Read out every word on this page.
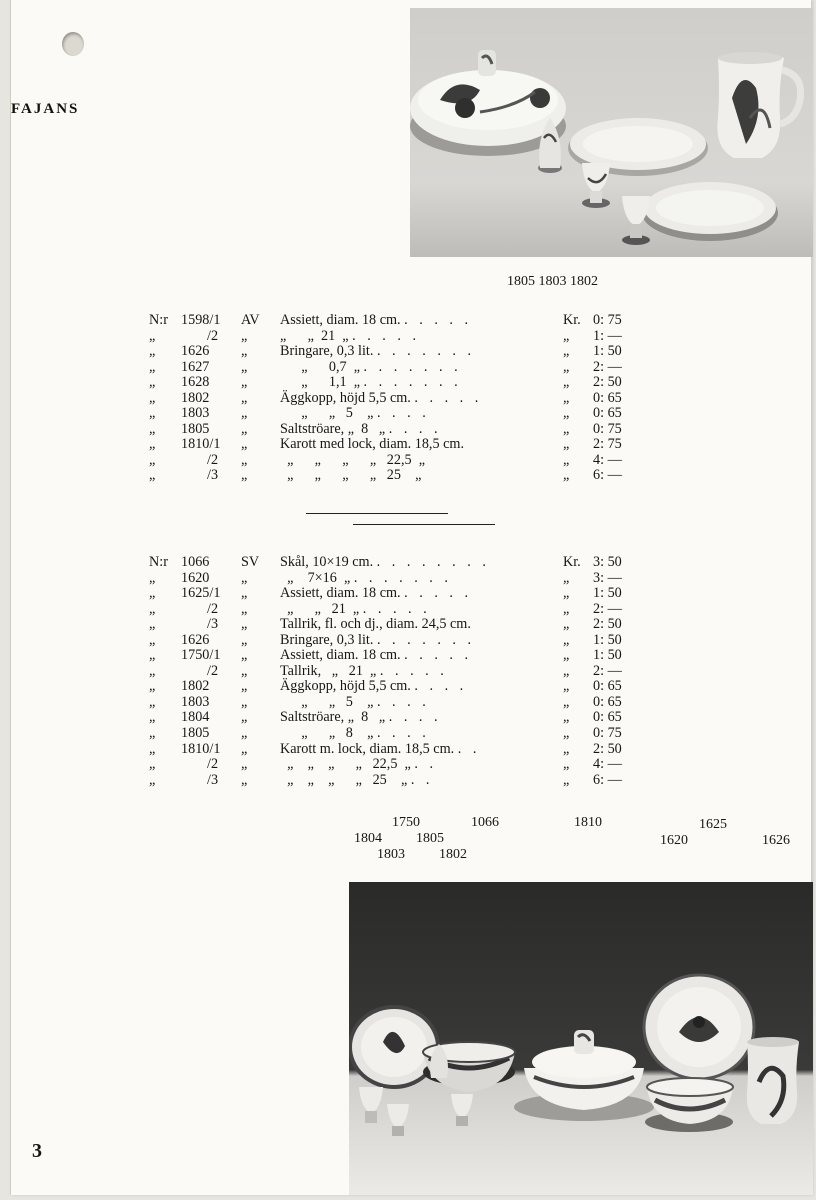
FAJANS
1805 1803 1802
N:r 1598/1 AV Assiett, diam. 18 cm. . . . . .	Kr. 0: 75
„	/2 „ „      „  21  „ . . . . .	„ 1: —
„ 1626 „ Bringare, 0,3 lit. . . . . . . .	„ 1: 50
„ 1627 „ „      0,7  „ . . . . . . .	„ 2: —
„ 1628 „ „      1,1  „ . . . . . . .	„ 2: 50
„ 1802 „ Äggkopp, höjd 5,5 cm. . . . . .	„ 0: 65
„ 1803 „ „      „   5    „ . . . .	„ 0: 65
„ 1805 „ Saltströare, „  8   „ . . . .	„ 0: 75
„ 1810/1 „ Karott med lock, diam. 18,5 cm.	„ 2: 75
„	/2 „ „      „      „      „   22,5  „	„ 4: —
„	/3 „ „      „      „      „   25    „	„ 6: —
N:r 1066 SV Skål, 10×19 cm. . . . . . . . .	Kr. 3: 50
„ 1620 „ „    7×16  „ . . . . . . .	„ 3: —
„ 1625/1 „ Assiett, diam. 18 cm. . . . . .	„ 1: 50
„	/2 „ „      „   21  „ . . . . .	„ 2: —
„	/3 „ Tallrik, fl. och dj., diam. 24,5 cm.	„ 2: 50
„ 1626 „ Bringare, 0,3 lit. . . . . . . .	„ 1: 50
„ 1750/1 „ Assiett, diam. 18 cm. . . . . .	„ 1: 50
„	/2 „ Tallrik,   „   21  „ . . . . .	„ 2: —
„ 1802 „ Äggkopp, höjd 5,5 cm. . . . .	„ 0: 65
„ 1803 „ „      „   5    „ . . . .	„ 0: 65
„ 1804 „ Saltströare, „  8   „ . . . .	„ 0: 65
„ 1805 „ „      „   8    „ . . . .	„ 0: 75
„ 1810/1 „ Karott m. lock, diam. 18,5 cm. . .	„ 2: 50
„	/2 „ „    „    „      „   22,5  „ . .	„ 4: —
„	/3 „ „    „    „      „   25    „ . .	„ 6: —
1750	1066	1810	1625
1804 1805	1620	1626
1803 1802
3
